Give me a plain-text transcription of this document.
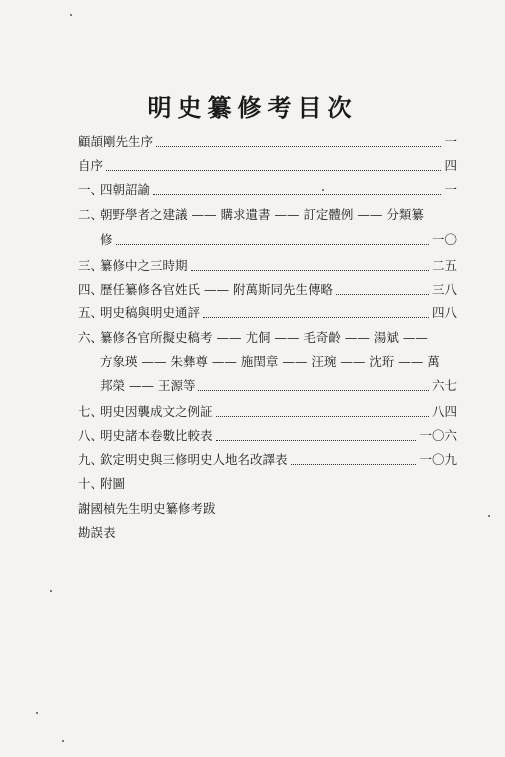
明史纂修考目次
顧頡剛先生序	一
自序	四
一、
四朝詔諭	一
二、
朝野學者之建議 —— 購求遺書 —— 訂定體例 —— 分類纂
修	一〇
三、
纂修中之三時期	二五
四、
歷任纂修各官姓氏 —— 附萬斯同先生傳略	三八
五、
明史稿與明史通評	四八
六、
纂修各官所擬史稿考 —— 尤侗 —— 毛奇齡 —— 湯斌 ——
方象瑛 —— 朱彝尊 —— 施閏章 —— 汪琬 —— 沈珩 —— 萬
邦榮 —— 王源等	六七
七、
明史因襲成文之例証	八四
八、
明史諸本卷數比較表	一〇六
九、
欽定明史與三修明史人地名改譯表	一〇九
十、
附圖
謝國楨先生明史纂修考跋
勘誤表
